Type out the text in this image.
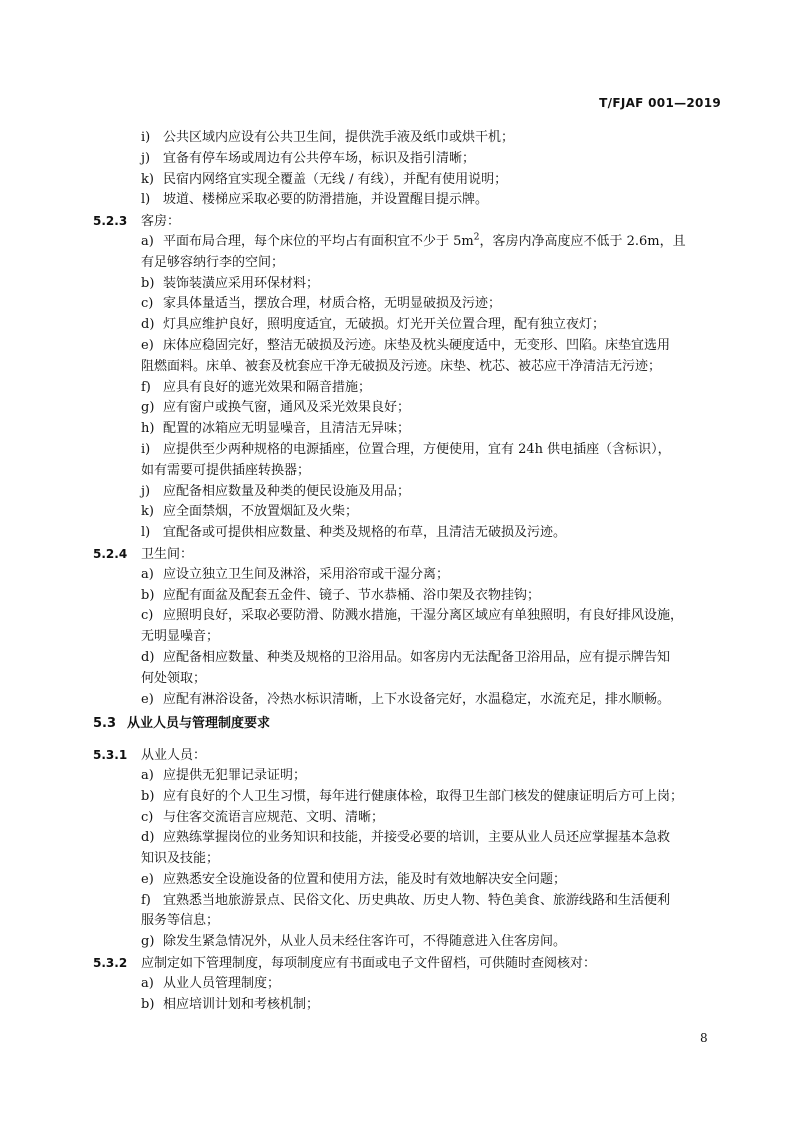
T/FJAF 001—2019
i) 公共区域内应设有公共卫生间，提供洗手液及纸巾或烘干机；
j) 宜备有停车场或周边有公共停车场，标识及指引清晰；
k) 民宿内网络宜实现全覆盖（无线 / 有线），并配有使用说明；
l) 坡道、楼梯应采取必要的防滑措施，并设置醒目提示牌。
5.2.3 客房：
a) 平面布局合理，每个床位的平均占有面积宜不少于 $5m^2$，客房内净高度应不低于 2.6m，且
有足够容纳行李的空间；
b) 装饰装潢应采用环保材料；
c) 家具体量适当，摆放合理，材质合格，无明显破损及污迹；
d) 灯具应维护良好，照明度适宜，无破损。灯光开关位置合理，配有独立夜灯；
e) 床体应稳固完好，整洁无破损及污迹。床垫及枕头硬度适中，无变形、凹陷。床垫宜选用
阻燃面料。床单、被套及枕套应干净无破损及污迹。床垫、枕芯、被芯应干净清洁无污迹；
f) 应具有良好的遮光效果和隔音措施；
g) 应有窗户或换气窗，通风及采光效果良好；
h) 配置的冰箱应无明显噪音，且清洁无异味；
i) 应提供至少两种规格的电源插座，位置合理，方便使用，宜有 24h 供电插座（含标识），
如有需要可提供插座转换器；
j) 应配备相应数量及种类的便民设施及用品；
k) 应全面禁烟，不放置烟缸及火柴；
l) 宜配备或可提供相应数量、种类及规格的布草，且清洁无破损及污迹。
5.2.4 卫生间：
a) 应设立独立卫生间及淋浴，采用浴帘或干湿分离；
b) 应配有面盆及配套五金件、镜子、节水恭桶、浴巾架及衣物挂钩；
c) 应照明良好，采取必要防滑、防溅水措施，干湿分离区域应有单独照明，有良好排风设施，
无明显噪音；
d) 应配备相应数量、种类及规格的卫浴用品。如客房内无法配备卫浴用品，应有提示牌告知
何处领取；
e) 应配有淋浴设备，冷热水标识清晰，上下水设备完好，水温稳定，水流充足，排水顺畅。
5.3 从业人员与管理制度要求
5.3.1 从业人员：
a) 应提供无犯罪记录证明；
b) 应有良好的个人卫生习惯，每年进行健康体检，取得卫生部门核发的健康证明后方可上岗；
c) 与住客交流语言应规范、文明、清晰；
d) 应熟练掌握岗位的业务知识和技能，并接受必要的培训，主要从业人员还应掌握基本急救
知识及技能；
e) 应熟悉安全设施设备的位置和使用方法，能及时有效地解决安全问题；
f) 宜熟悉当地旅游景点、民俗文化、历史典故、历史人物、特色美食、旅游线路和生活便利
服务等信息；
g) 除发生紧急情况外，从业人员未经住客许可，不得随意进入住客房间。
5.3.2 应制定如下管理制度，每项制度应有书面或电子文件留档，可供随时查阅核对：
a) 从业人员管理制度；
b) 相应培训计划和考核机制；
8
